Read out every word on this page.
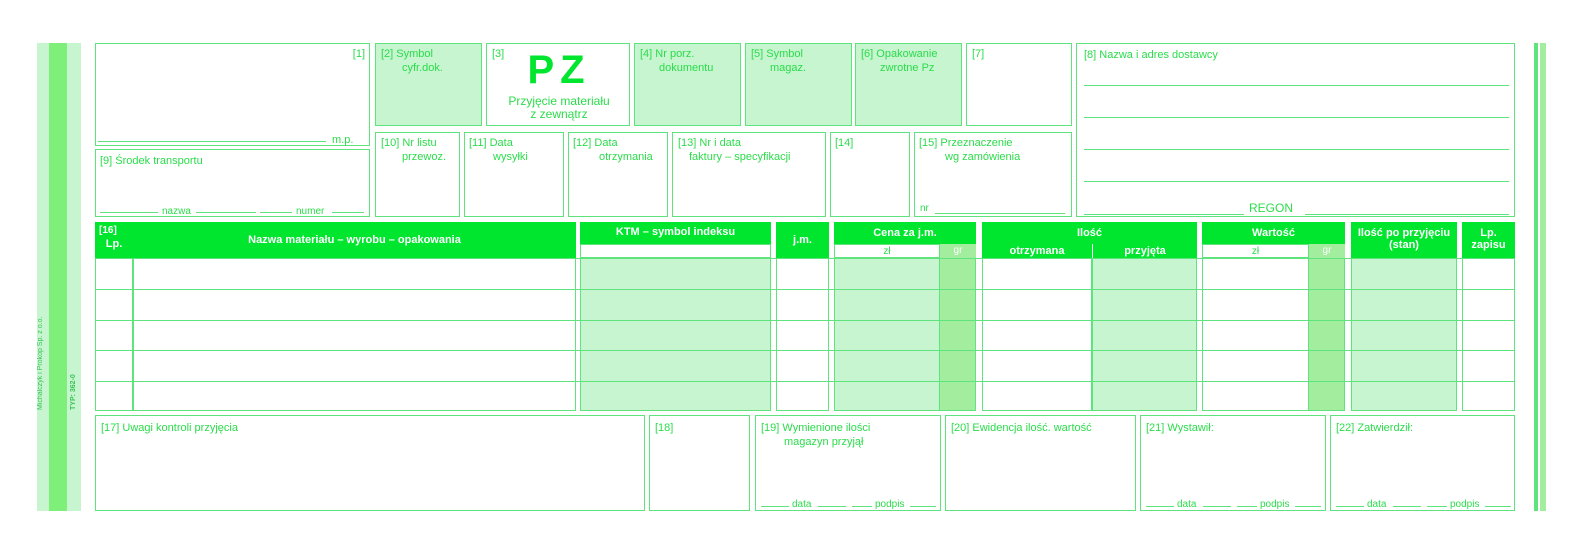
Michalczyk i Prokop Sp. z o.o.	TYP: 362-0
[1]
m.p.
[2] Symbol
cyfr.dok.
[3] PZ
Przyjęcie materiału
z zewnątrz
[4] Nr porz.
dokumentu
[5] Symbol
magaz.
[6] Opakowanie
zwrotne Pz
[7]	[8] Nazwa i adres dostawcy
REGON
[9] Środek transportu
nazwa	numer
[10] Nr listu
przewoz.
[11] Data
wysyłki
[12] Data
otrzymania
[13] Nr i data
faktury – specyfikacji
[14]	[15] Przeznaczenie
wg zamówienia
nr
[16]
Lp.	Nazwa materiału – wyrobu – opakowania
KTM – symbol indeksu
j.m.
Cena za j.m.	Ilość	Wartość	Ilość po przyjęciu
(stan)
Lp.
zapisu
zł	gr	otrzymana	przyjęta	zł	gr
[17] Uwagi kontroli przyjęcia	[18]	[19] Wymienione ilości
magazyn przyjął
data	podpis
[20] Ewidencja ilość. wartość	[21] Wystawił:
data	podpis
[22] Zatwierdził:
data	podpis
